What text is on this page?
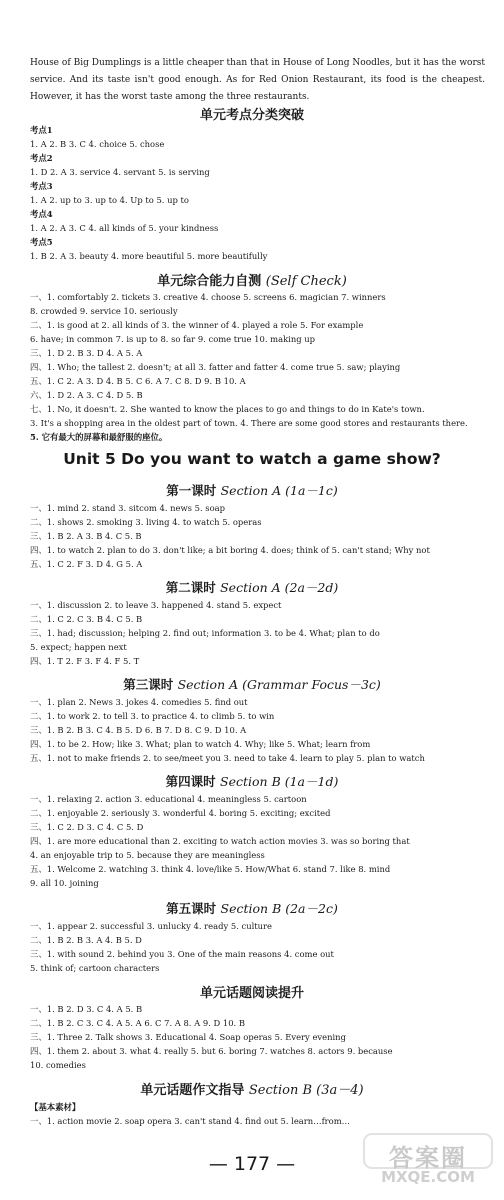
House of Big Dumplings is a little cheaper than that in House of Long Noodles, but it has the worst service. And its taste isn't good enough. As for Red Onion Restaurant, its food is the cheapest. However, it has the worst taste among the three restaurants.

单元考点分类突破
考点1
1. A 2. B 3. C 4. choice 5. chose
考点2
1. D 2. A 3. service 4. servant 5. is serving
考点3
1. A 2. up to 3. up to 4. Up to 5. up to
考点4
1. A 2. A 3. C 4. all kinds of 5. your kindness
考点5
1. B 2. A 3. beauty 4. more beautiful 5. more beautifully
单元综合能力自测 (Self Check)
一、1. comfortably 2. tickets 3. creative 4. choose 5. screens 6. magician 7. winners
8. crowded 9. service 10. seriously
二、1. is good at 2. all kinds of 3. the winner of 4. played a role 5. For example
6. have; in common 7. is up to 8. so far 9. come true 10. making up
三、1. D 2. B 3. D 4. A 5. A
四、1. Who; the tallest 2. doesn't; at all 3. fatter and fatter 4. come true 5. saw; playing
五、1. C 2. A 3. D 4. B 5. C 6. A 7. C 8. D 9. B 10. A
六、1. D 2. A 3. C 4. D 5. B
七、1. No, it doesn't. 2. She wanted to know the places to go and things to do in Kate's town.
3. It's a shopping area in the oldest part of town. 4. There are some good stores and restaurants there.
5. 它有最大的屏幕和最舒服的座位。
Unit 5 Do you want to watch a game show?
第一课时 Section A (1a－1c)
一、1. mind 2. stand 3. sitcom 4. news 5. soap
二、1. shows 2. smoking 3. living 4. to watch 5. operas
三、1. B 2. A 3. B 4. C 5. B
四、1. to watch 2. plan to do 3. don't like; a bit boring 4. does; think of 5. can't stand; Why not
五、1. C 2. F 3. D 4. G 5. A
第二课时 Section A (2a－2d)
一、1. discussion 2. to leave 3. happened 4. stand 5. expect
二、1. C 2. C 3. B 4. C 5. B
三、1. had; discussion; helping 2. find out; information 3. to be 4. What; plan to do
5. expect; happen next
四、1. T 2. F 3. F 4. F 5. T
第三课时 Section A (Grammar Focus－3c)
一、1. plan 2. News 3. jokes 4. comedies 5. find out
二、1. to work 2. to tell 3. to practice 4. to climb 5. to win
三、1. B 2. B 3. C 4. B 5. D 6. B 7. D 8. C 9. D 10. A
四、1. to be 2. How; like 3. What; plan to watch 4. Why; like 5. What; learn from
五、1. not to make friends 2. to see/meet you 3. need to take 4. learn to play 5. plan to watch
第四课时 Section B (1a－1d)
一、1. relaxing 2. action 3. educational 4. meaningless 5. cartoon
二、1. enjoyable 2. seriously 3. wonderful 4. boring 5. exciting; excited
三、1. C 2. D 3. C 4. C 5. D
四、1. are more educational than 2. exciting to watch action movies 3. was so boring that
4. an enjoyable trip to 5. because they are meaningless
五、1. Welcome 2. watching 3. think 4. love/like 5. How/What 6. stand 7. like 8. mind
9. all 10. joining
第五课时 Section B (2a－2c)
一、1. appear 2. successful 3. unlucky 4. ready 5. culture
二、1. B 2. B 3. A 4. B 5. D
三、1. with sound 2. behind you 3. One of the main reasons 4. come out
5. think of; cartoon characters
单元话题阅读提升
一、1. B 2. D 3. C 4. A 5. B
二、1. B 2. C 3. C 4. A 5. A 6. C 7. A 8. A 9. D 10. B
三、1. Three 2. Talk shows 3. Educational 4. Soap operas 5. Every evening
四、1. them 2. about 3. what 4. really 5. but 6. boring 7. watches 8. actors 9. because
10. comedies
单元话题作文指导 Section B (3a－4)
【基本素材】
一、1. action movie 2. soap opera 3. can't stand 4. find out 5. learn…from…
— 177 —	答案圈
MXQE.COM
